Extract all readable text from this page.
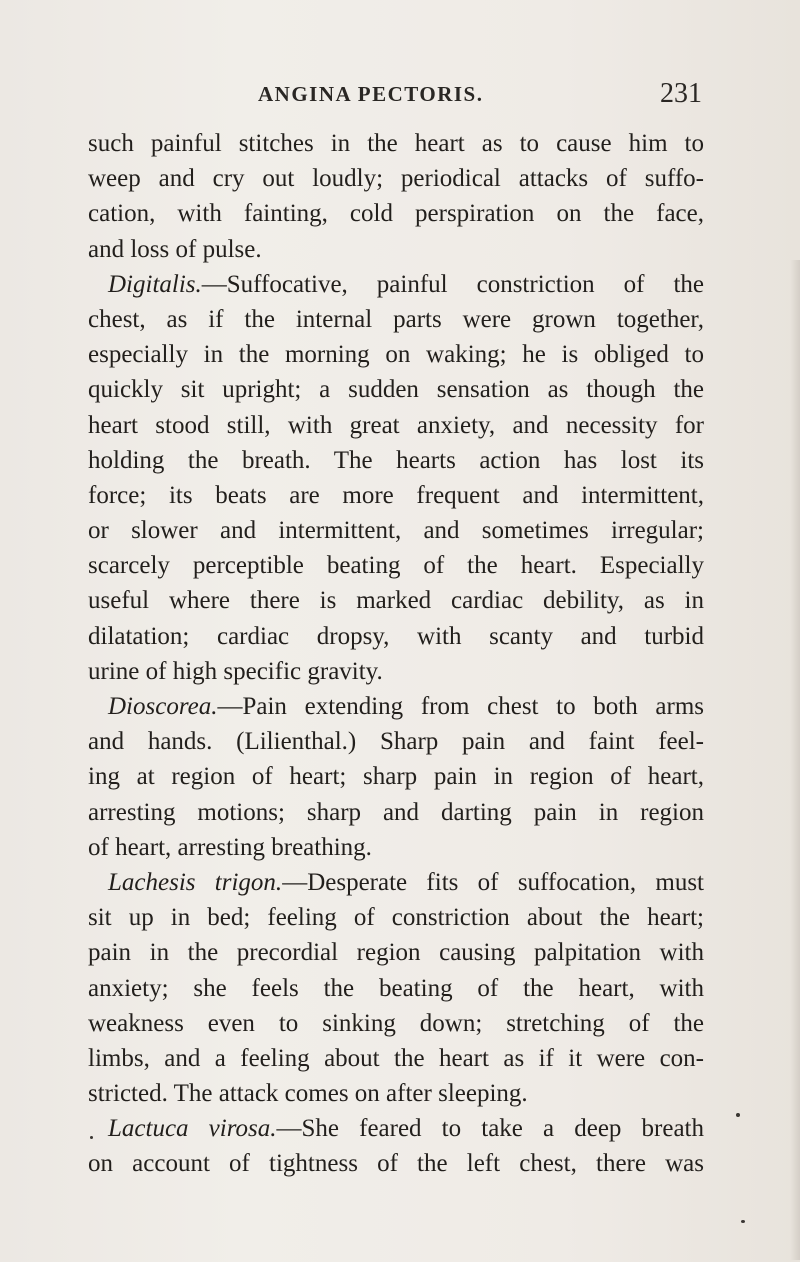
ANGINA PECTORIS.	231
such painful stitches in the heart as to cause him to
weep and cry out loudly; periodical attacks of suffo-
cation, with fainting, cold perspiration on the face,
and loss of pulse.
Digitalis.—Suffocative, painful constriction of the
chest, as if the internal parts were grown together,
especially in the morning on waking; he is obliged to
quickly sit upright; a sudden sensation as though the
heart stood still, with great anxiety, and necessity for
holding the breath. The hearts action has lost its
force; its beats are more frequent and intermittent,
or slower and intermittent, and sometimes irregular;
scarcely perceptible beating of the heart. Especially
useful where there is marked cardiac debility, as in
dilatation; cardiac dropsy, with scanty and turbid
urine of high specific gravity.
Dioscorea.—Pain extending from chest to both arms
and hands. (Lilienthal.) Sharp pain and faint feel-
ing at region of heart; sharp pain in region of heart,
arresting motions; sharp and darting pain in region
of heart, arresting breathing.
Lachesis trigon.—Desperate fits of suffocation, must
sit up in bed; feeling of constriction about the heart;
pain in the precordial region causing palpitation with
anxiety; she feels the beating of the heart, with
weakness even to sinking down; stretching of the
limbs, and a feeling about the heart as if it were con-
stricted. The attack comes on after sleeping.
Lactuca virosa.—She feared to take a deep breath
on account of tightness of the left chest, there was
